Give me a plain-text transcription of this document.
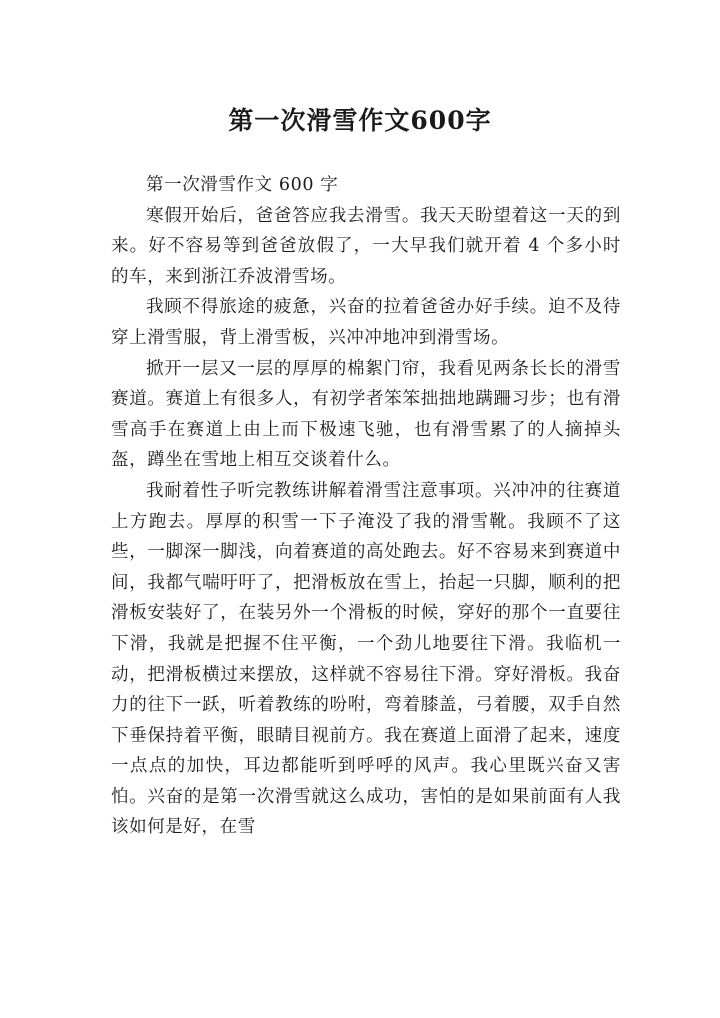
第一次滑雪作文600字

第一次滑雪作文 600 字

寒假开始后，爸爸答应我去滑雪。我天天盼望着这一天的到来。好不容易等到爸爸放假了，一大早我们就开着 4 个多小时的车，来到浙江乔波滑雪场。

我顾不得旅途的疲惫，兴奋的拉着爸爸办好手续。迫不及待穿上滑雪服，背上滑雪板，兴冲冲地冲到滑雪场。

掀开一层又一层的厚厚的棉絮门帘，我看见两条长长的滑雪赛道。赛道上有很多人，有初学者笨笨拙拙地蹒跚习步；也有滑雪高手在赛道上由上而下极速飞驰，也有滑雪累了的人摘掉头盔，蹲坐在雪地上相互交谈着什么。

我耐着性子听完教练讲解着滑雪注意事项。兴冲冲的往赛道上方跑去。厚厚的积雪一下子淹没了我的滑雪靴。我顾不了这些，一脚深一脚浅，向着赛道的高处跑去。好不容易来到赛道中间，我都气喘吁吁了，把滑板放在雪上，抬起一只脚，顺利的把滑板安装好了，在装另外一个滑板的时候，穿好的那个一直要往下滑，我就是把握不住平衡，一个劲儿地要往下滑。我临机一动，把滑板横过来摆放，这样就不容易往下滑。穿好滑板。我奋力的往下一跃，听着教练的吩咐，弯着膝盖，弓着腰，双手自然下垂保持着平衡，眼睛目视前方。我在赛道上面滑了起来，速度一点点的加快，耳边都能听到呼呼的风声。我心里既兴奋又害怕。兴奋的是第一次滑雪就这么成功，害怕的是如果前面有人我该如何是好，在雪
